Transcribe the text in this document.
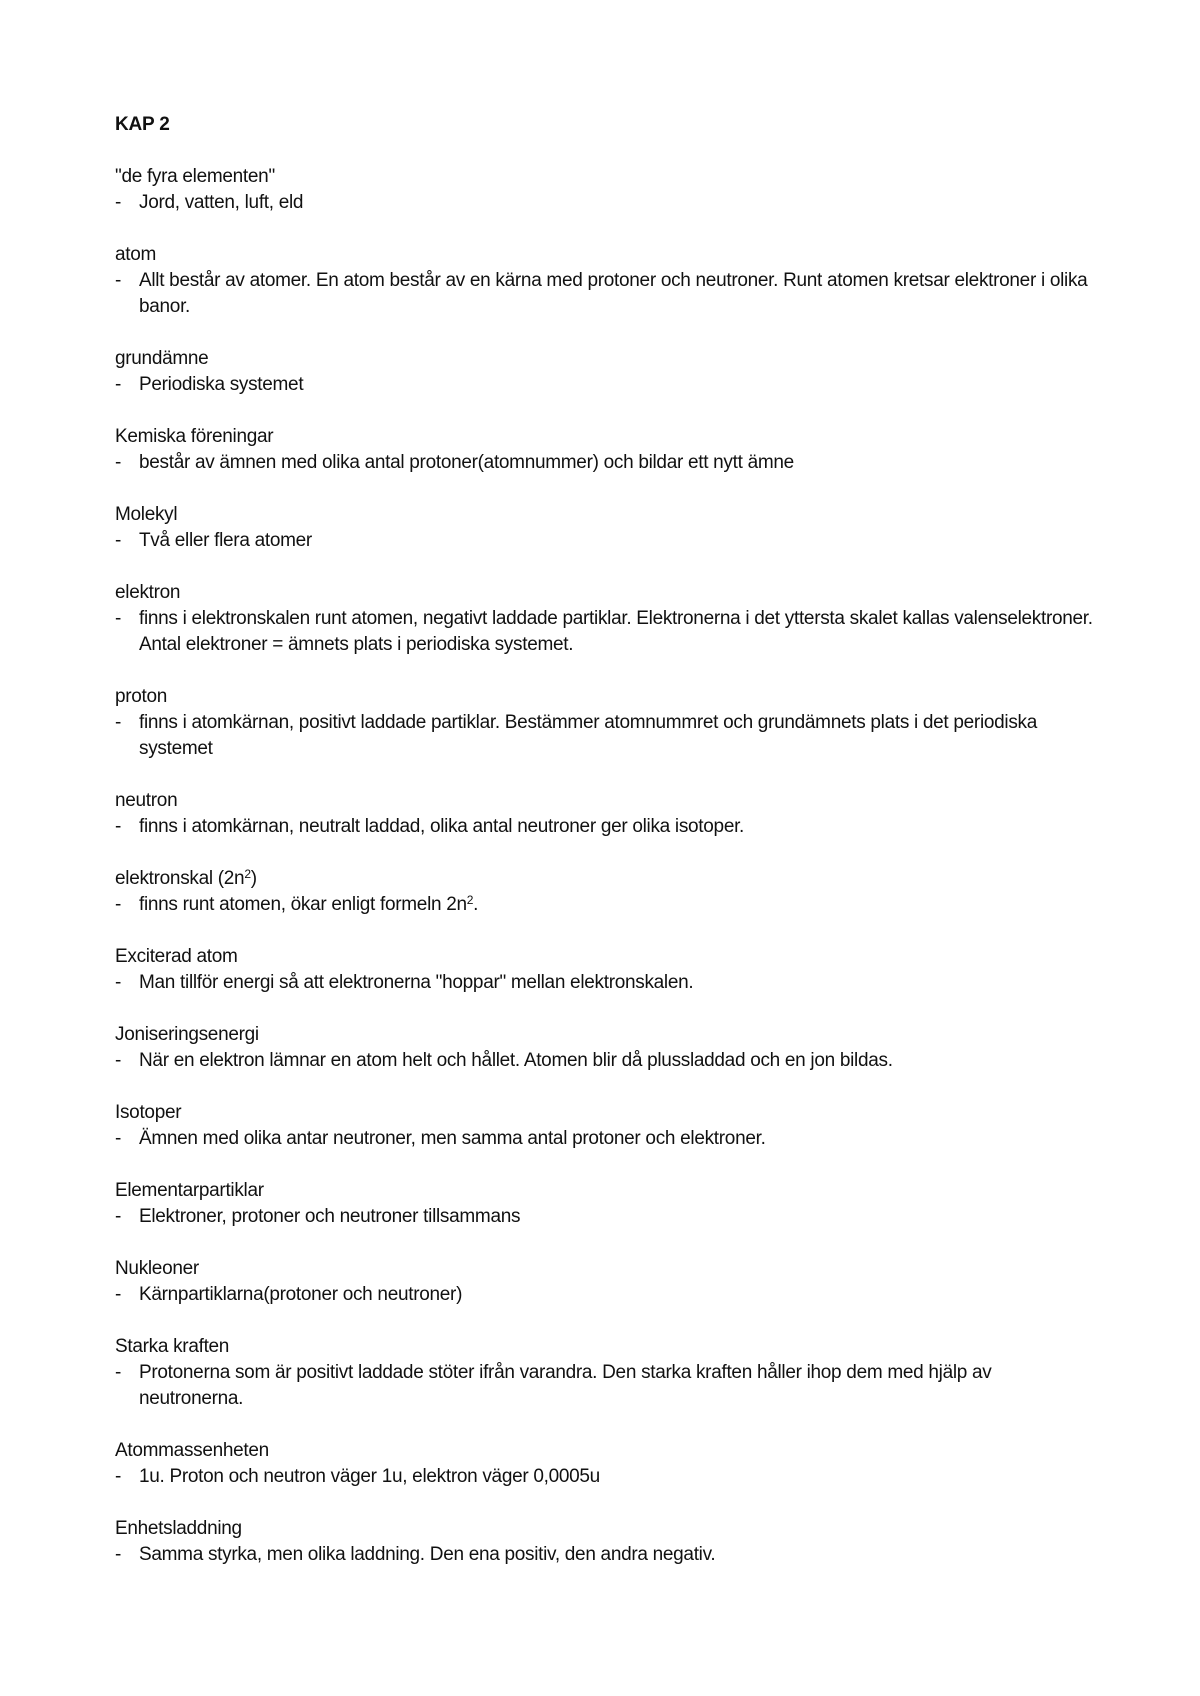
KAP 2
"de fyra elementen"
- Jord, vatten, luft, eld
atom
- Allt består av atomer. En atom består av en kärna med protoner och neutroner. Runt atomen kretsar elektroner i olika banor.
grundämne
- Periodiska systemet
Kemiska föreningar
- består av ämnen med olika antal protoner(atomnummer) och bildar ett nytt ämne
Molekyl
- Två eller flera atomer
elektron
- finns i elektronskalen runt atomen, negativt laddade partiklar. Elektronerna i det yttersta skalet kallas valenselektroner. Antal elektroner = ämnets plats i periodiska systemet.
proton
- finns i atomkärnan, positivt laddade partiklar. Bestämmer atomnummret och grundämnets plats i det periodiska systemet
neutron
- finns i atomkärnan, neutralt laddad, olika antal neutroner ger olika isotoper.
elektronskal $(2n^2)$
- finns runt atomen, ökar enligt formeln $2n^2$.
Exciterad atom
- Man tillför energi så att elektronerna "hoppar" mellan elektronskalen.
Joniseringsenergi
- När en elektron lämnar en atom helt och hållet. Atomen blir då plussladdad och en jon bildas.
Isotoper
- Ämnen med olika antar neutroner, men samma antal protoner och elektroner.
Elementarpartiklar
- Elektroner, protoner och neutroner tillsammans
Nukleoner
- Kärnpartiklarna(protoner och neutroner)
Starka kraften
- Protonerna som är positivt laddade stöter ifrån varandra. Den starka kraften håller ihop dem med hjälp av neutronerna.
Atommassenheten
- 1u. Proton och neutron väger 1u, elektron väger 0,0005u
Enhetsladdning
- Samma styrka, men olika laddning. Den ena positiv, den andra negativ.
